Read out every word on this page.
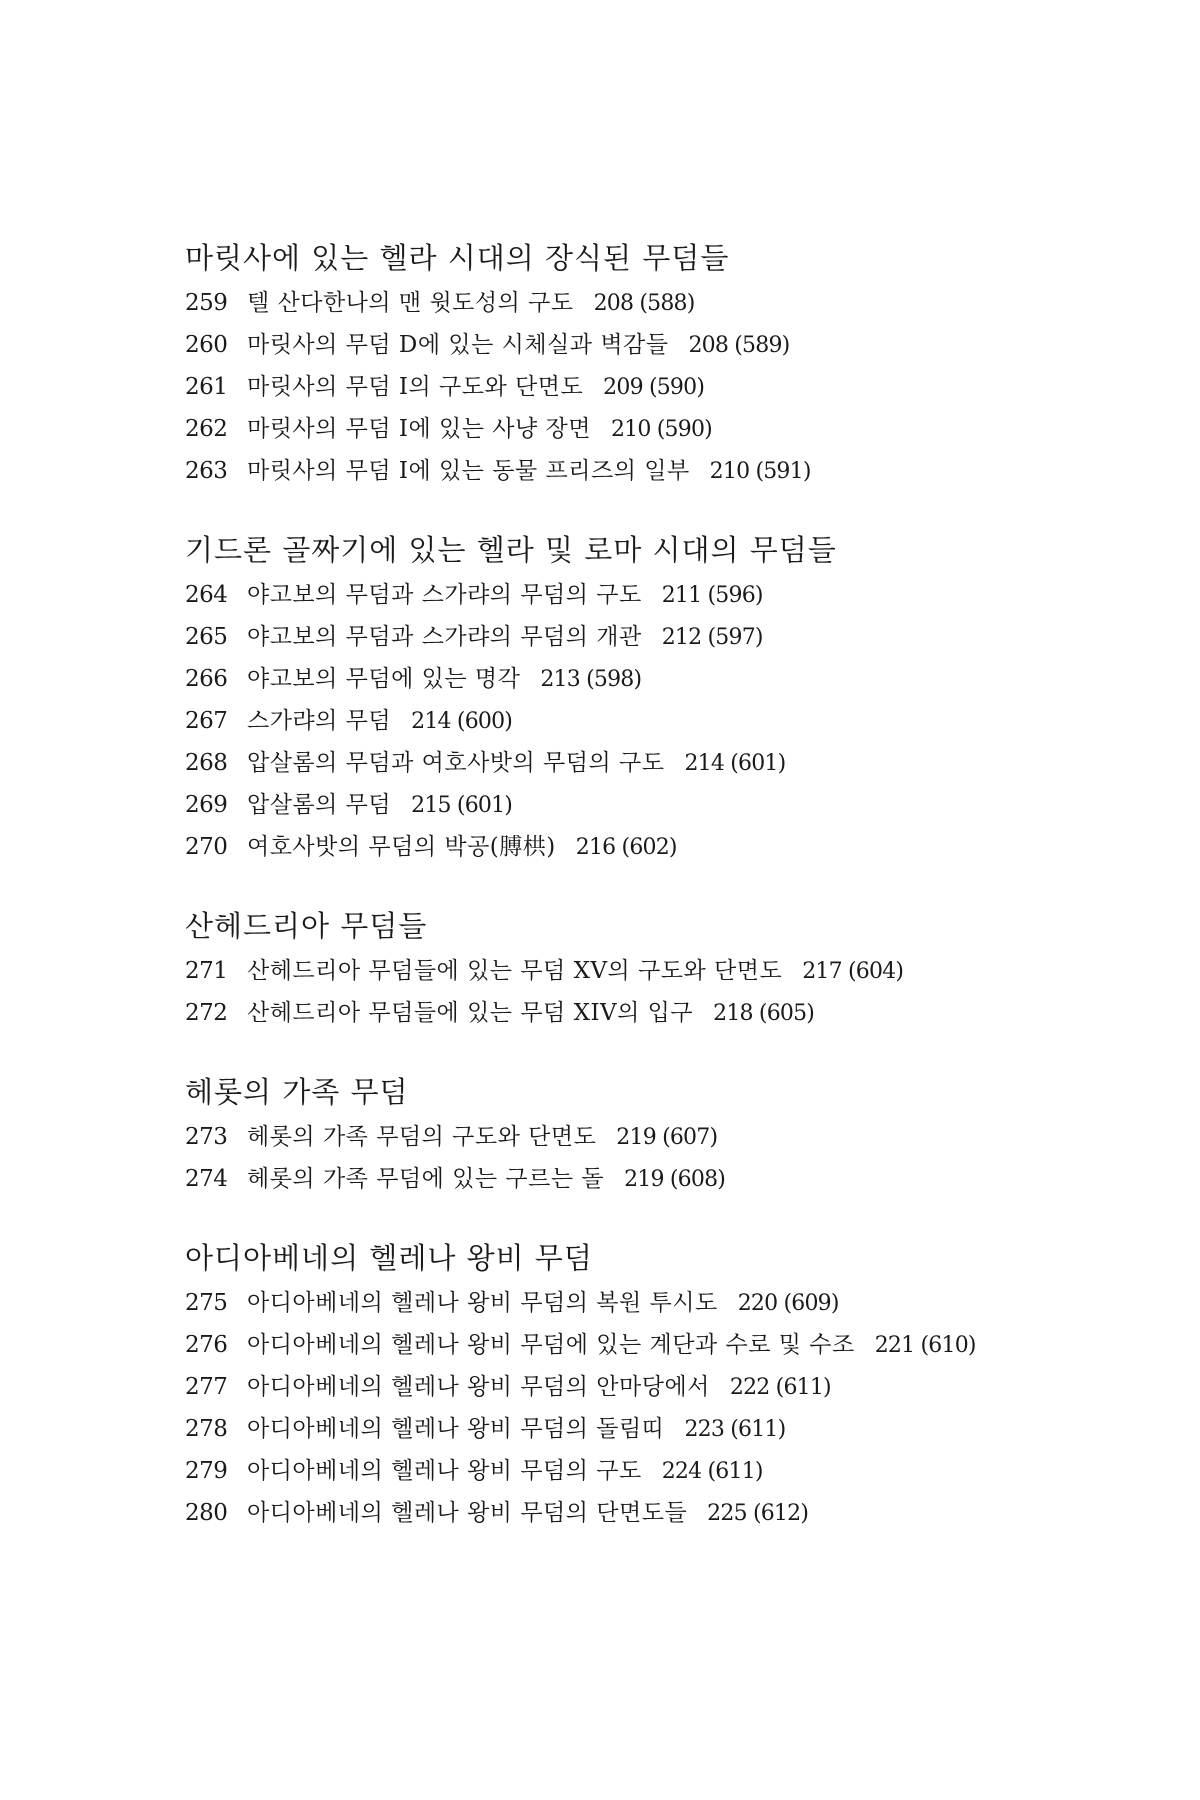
마릿사에 있는 헬라 시대의 장식된 무덤들
259 텔 산다한나의 맨 윗도성의 구도 208 (588)
260 마릿사의 무덤 D에 있는 시체실과 벽감들 208 (589)
261 마릿사의 무덤 I의 구도와 단면도 209 (590)
262 마릿사의 무덤 I에 있는 사냥 장면 210 (590)
263 마릿사의 무덤 I에 있는 동물 프리즈의 일부 210 (591)
기드론 골짜기에 있는 헬라 및 로마 시대의 무덤들
264 야고보의 무덤과 스가랴의 무덤의 구도 211 (596)
265 야고보의 무덤과 스가랴의 무덤의 개관 212 (597)
266 야고보의 무덤에 있는 명각 213 (598)
267 스가랴의 무덤 214 (600)
268 압살롬의 무덤과 여호사밧의 무덤의 구도 214 (601)
269 압살롬의 무덤 215 (601)
270 여호사밧의 무덤의 박공(膊栱) 216 (602)
산헤드리아 무덤들
271 산헤드리아 무덤들에 있는 무덤 XV의 구도와 단면도 217 (604)
272 산헤드리아 무덤들에 있는 무덤 XIV의 입구 218 (605)
헤롯의 가족 무덤
273 헤롯의 가족 무덤의 구도와 단면도 219 (607)
274 헤롯의 가족 무덤에 있는 구르는 돌 219 (608)
아디아베네의 헬레나 왕비 무덤
275 아디아베네의 헬레나 왕비 무덤의 복원 투시도 220 (609)
276 아디아베네의 헬레나 왕비 무덤에 있는 계단과 수로 및 수조 221 (610)
277 아디아베네의 헬레나 왕비 무덤의 안마당에서 222 (611)
278 아디아베네의 헬레나 왕비 무덤의 돌림띠 223 (611)
279 아디아베네의 헬레나 왕비 무덤의 구도 224 (611)
280 아디아베네의 헬레나 왕비 무덤의 단면도들 225 (612)
